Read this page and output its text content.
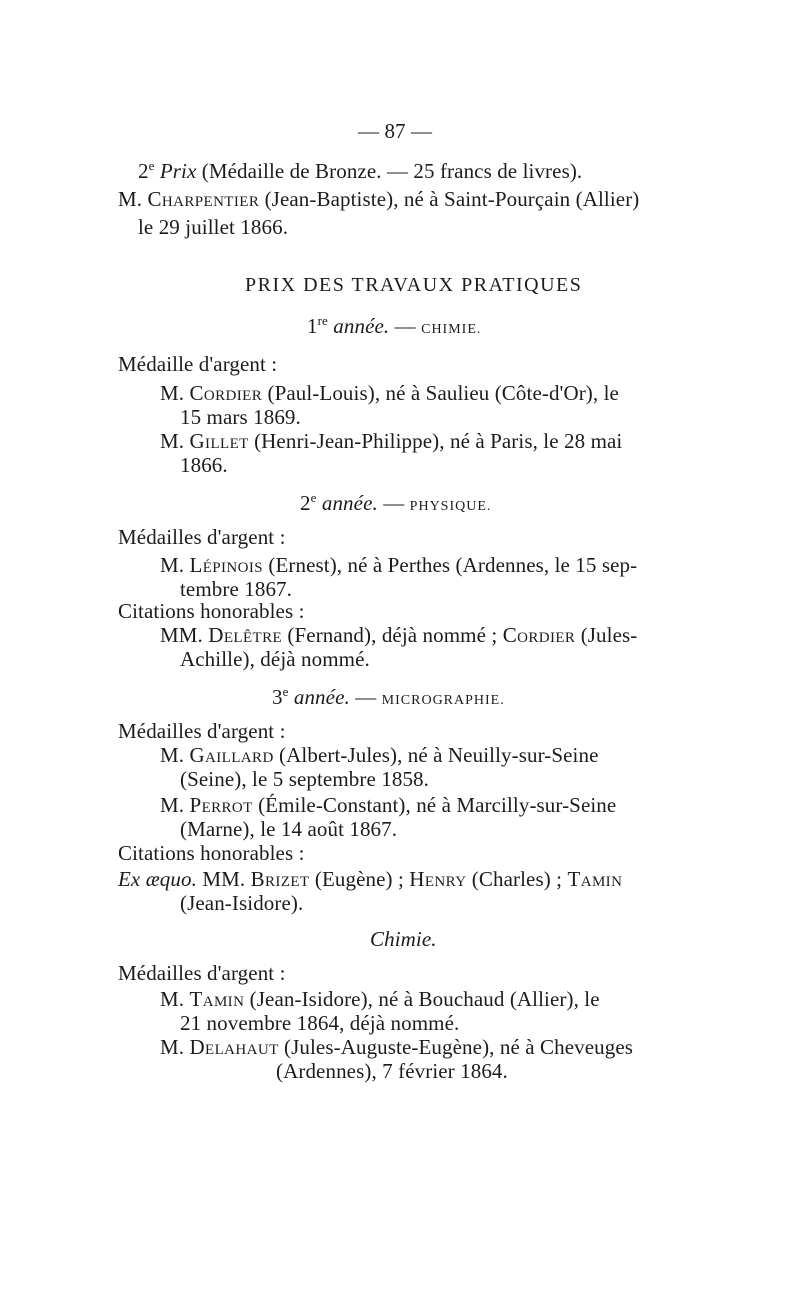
— 87 —
2e Prix (Médaille de Bronze. — 25 francs de livres).
M. Charpentier (Jean-Baptiste), né à Saint-Pourçain (Allier)
le 29 juillet 1866.
PRIX DES TRAVAUX PRATIQUES
1re année. — CHIMIE.
Médaille d'argent :
M. Cordier (Paul-Louis), né à Saulieu (Côte-d'Or), le
15 mars 1869.
M. Gillet (Henri-Jean-Philippe), né à Paris, le 28 mai
1866.
2e année. — PHYSIQUE.
Médailles d'argent :
M. Lépinois (Ernest), né à Perthes (Ardennes, le 15 sep-
tembre 1867.
Citations honorables :
MM. Delêtre (Fernand), déjà nommé ; Cordier (Jules-
Achille), déjà nommé.
3e année. — MICROGRAPHIE.
Médailles d'argent :
M. Gaillard (Albert-Jules), né à Neuilly-sur-Seine
(Seine), le 5 septembre 1858.
M. Perrot (Émile-Constant), né à Marcilly-sur-Seine
(Marne), le 14 août 1867.
Citations honorables :
Ex æquo. MM. Brizet (Eugène) ; Henry (Charles) ; Tamin
(Jean-Isidore).
Chimie.
Médailles d'argent :
M. Tamin (Jean-Isidore), né à Bouchaud (Allier), le
21 novembre 1864, déjà nommé.
M. Delahaut (Jules-Auguste-Eugène), né à Cheveuges
(Ardennes), 7 février 1864.
